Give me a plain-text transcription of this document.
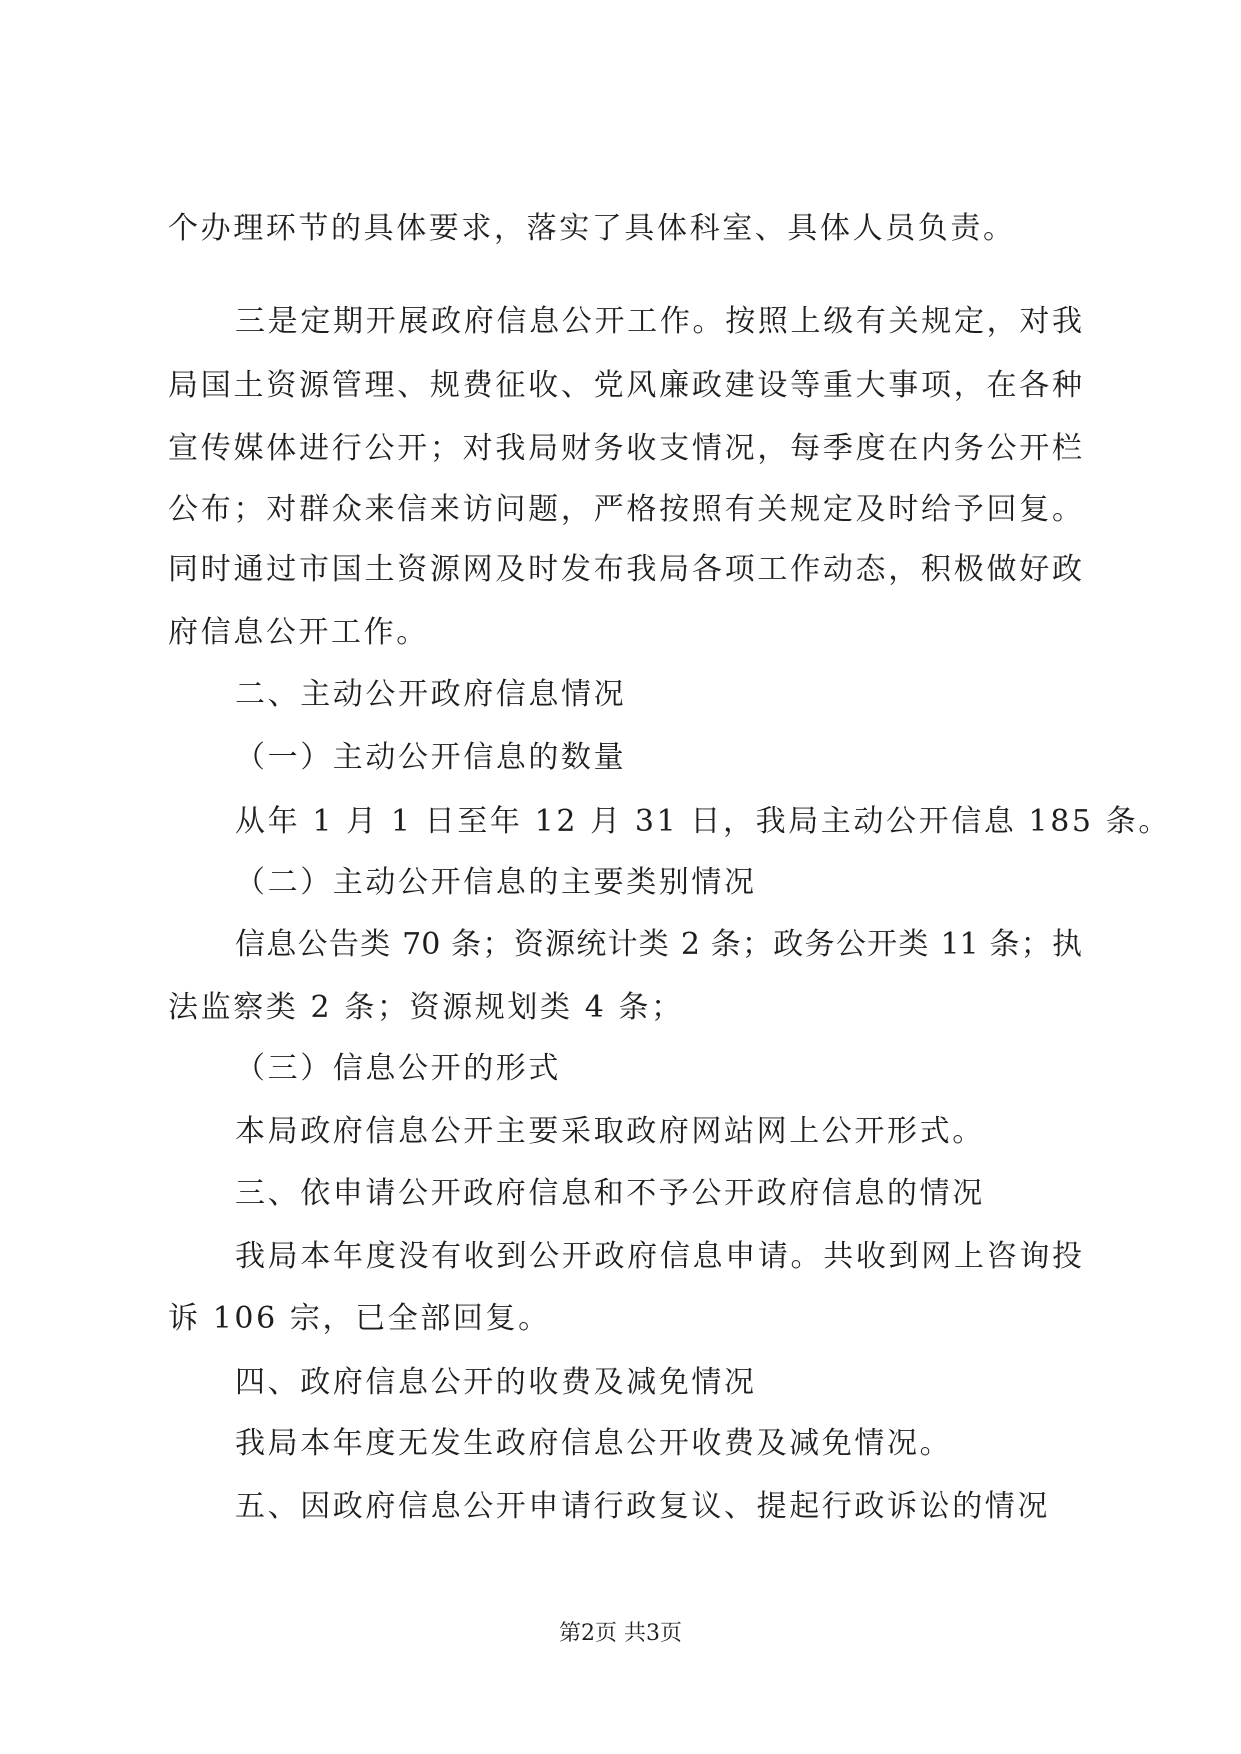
个办理环节的具体要求，落实了具体科室、具体人员负责。
三是定期开展政府信息公开工作。按照上级有关规定，对我
局国土资源管理、规费征收、党风廉政建设等重大事项，在各种
宣传媒体进行公开；对我局财务收支情况，每季度在内务公开栏
公布；对群众来信来访问题，严格按照有关规定及时给予回复。
同时通过市国土资源网及时发布我局各项工作动态，积极做好政
府信息公开工作。
二、主动公开政府信息情况
（一）主动公开信息的数量
从年 1 月 1 日至年 12 月 31 日，我局主动公开信息 185 条。
（二）主动公开信息的主要类别情况
信息公告类 70 条；资源统计类 2 条；政务公开类 11 条；执
法监察类 2 条；资源规划类 4 条；
（三）信息公开的形式
本局政府信息公开主要采取政府网站网上公开形式。
三、依申请公开政府信息和不予公开政府信息的情况
我局本年度没有收到公开政府信息申请。共收到网上咨询投
诉 106 宗，已全部回复。
四、政府信息公开的收费及减免情况
我局本年度无发生政府信息公开收费及减免情况。
五、因政府信息公开申请行政复议、提起行政诉讼的情况
第2页 共3页
